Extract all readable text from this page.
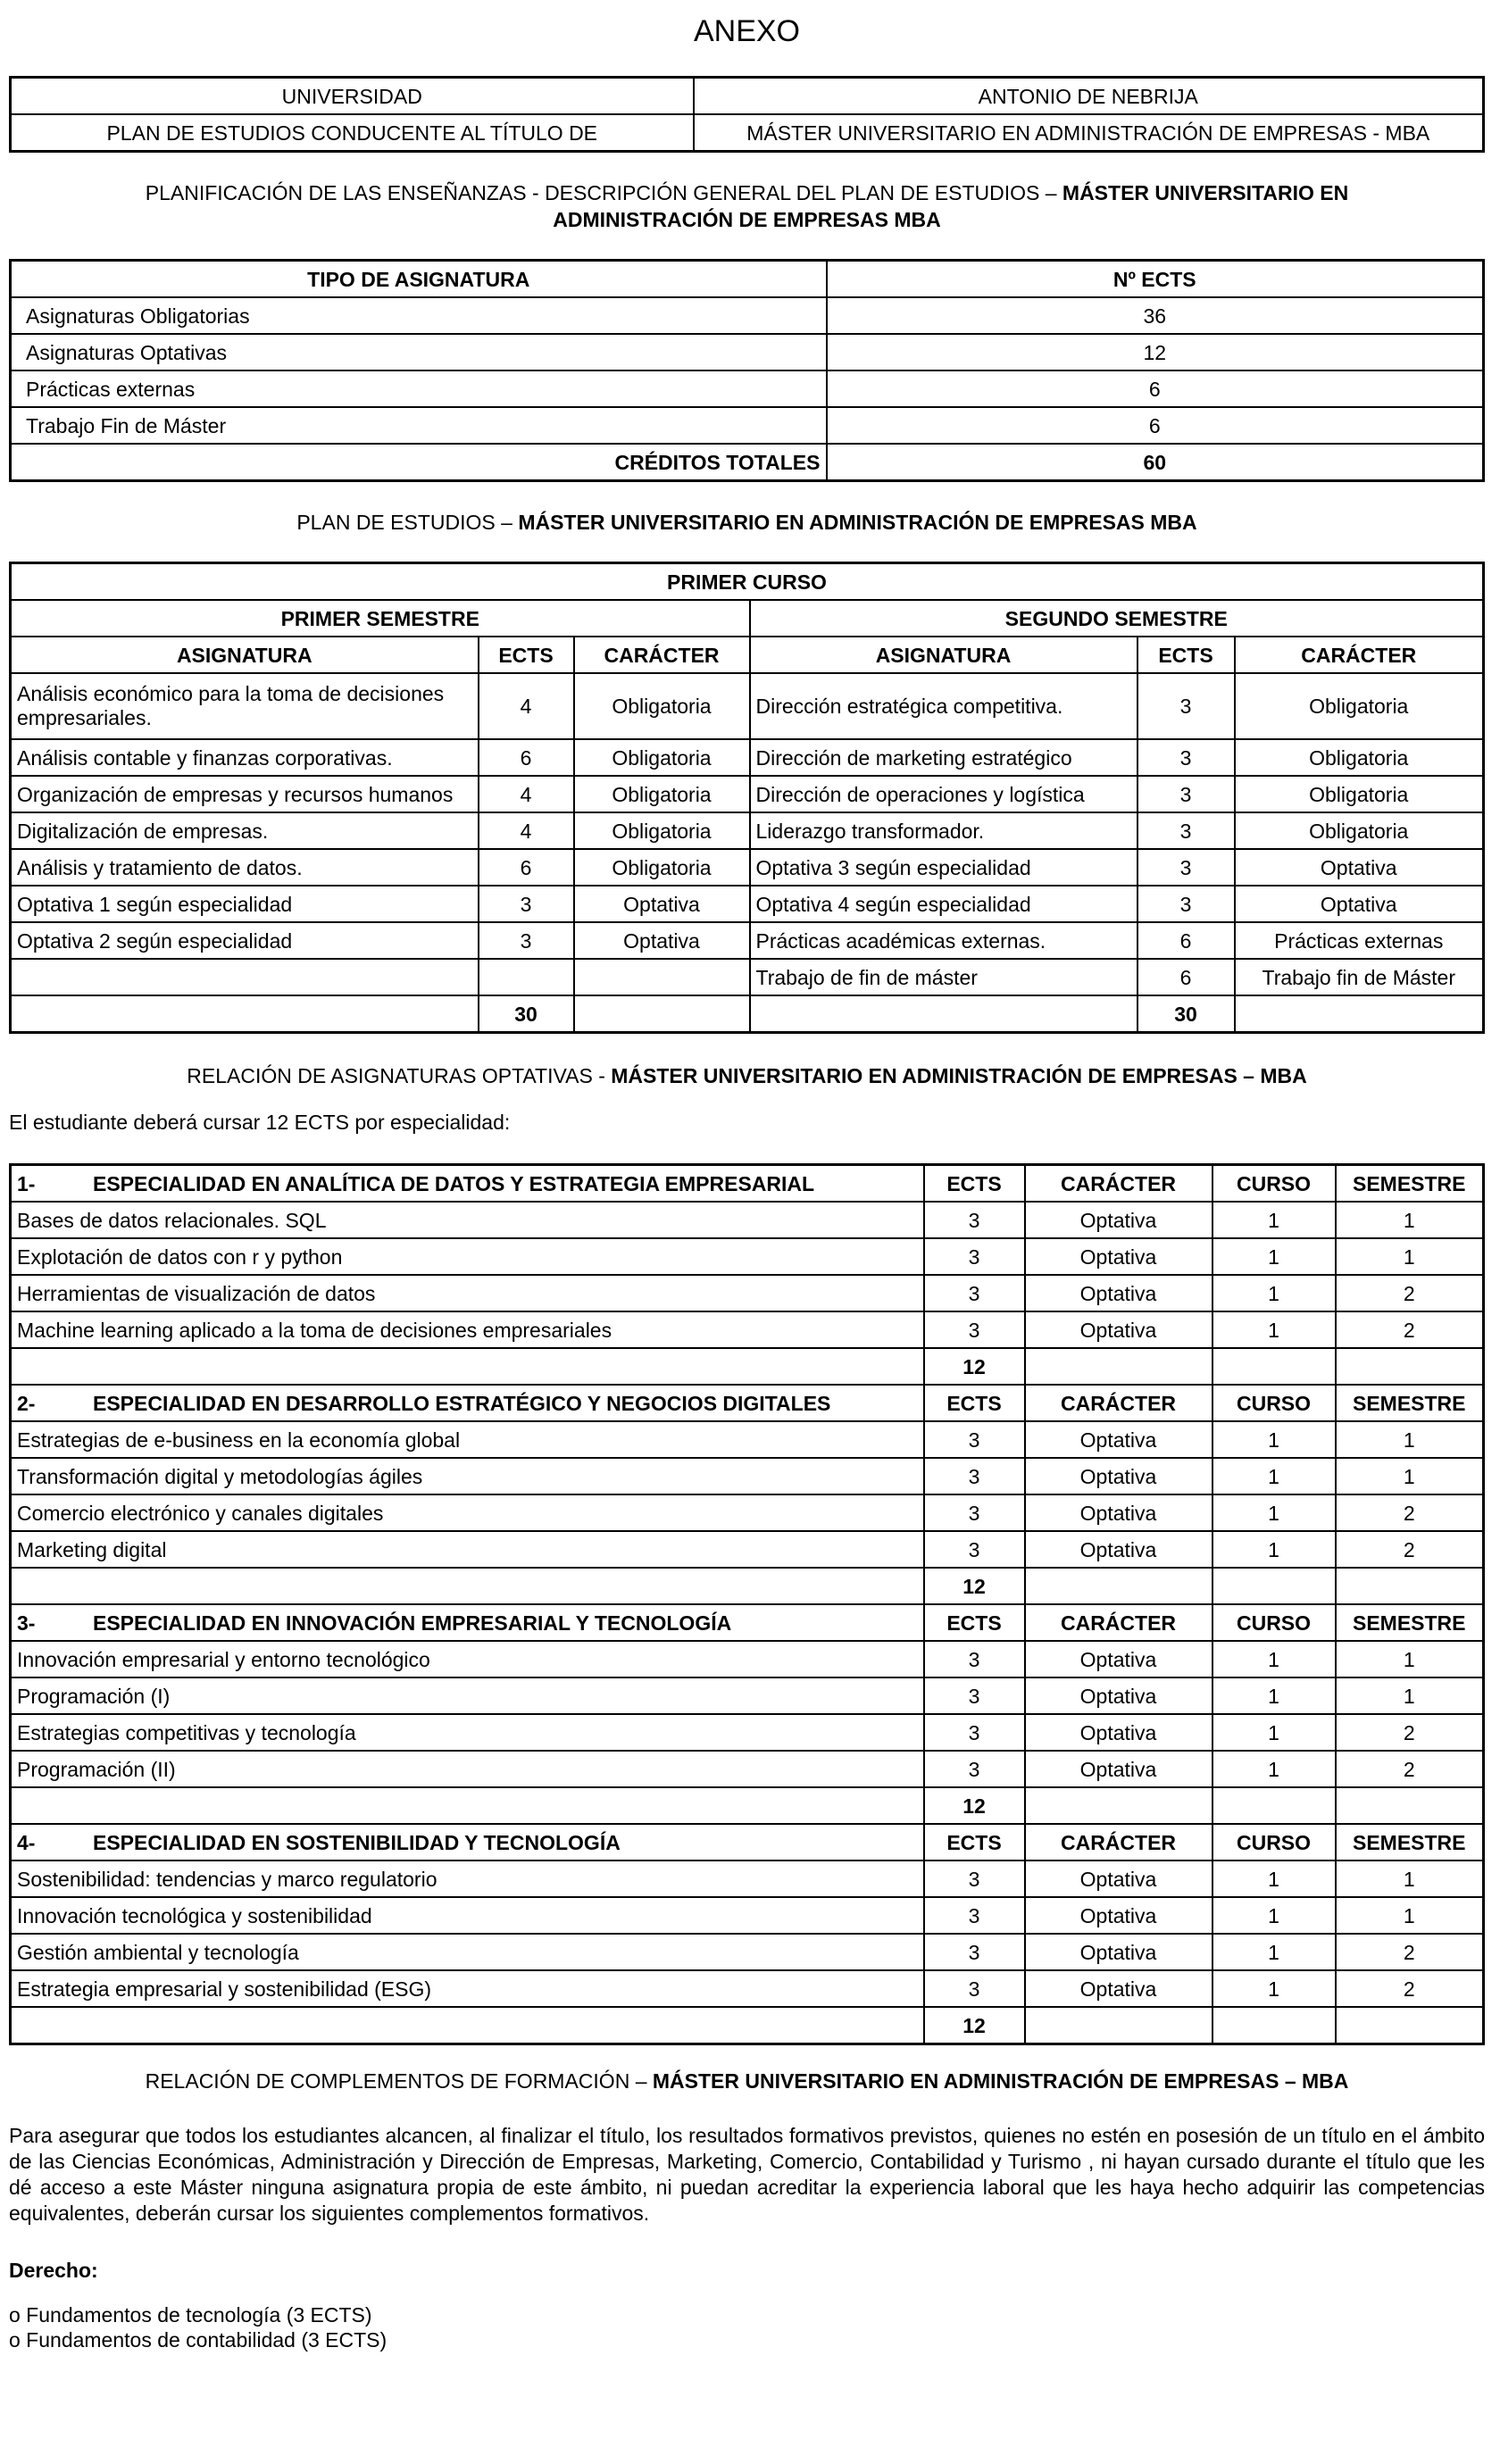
ANEXO
UNIVERSIDAD	ANTONIO DE NEBRIJA
PLAN DE ESTUDIOS CONDUCENTE AL TÍTULO DE	MÁSTER UNIVERSITARIO EN ADMINISTRACIÓN DE EMPRESAS - MBA
PLANIFICACIÓN DE LAS ENSEÑANZAS - DESCRIPCIÓN GENERAL DEL PLAN DE ESTUDIOS – MÁSTER UNIVERSITARIO EN ADMINISTRACIÓN DE EMPRESAS MBA
TIPO DE ASIGNATURA	Nº ECTS
Asignaturas Obligatorias	36
Asignaturas Optativas	12
Prácticas externas	6
Trabajo Fin de Máster	6
CRÉDITOS TOTALES	60
PLAN DE ESTUDIOS – MÁSTER UNIVERSITARIO EN ADMINISTRACIÓN DE EMPRESAS MBA
PRIMER CURSO					
PRIMER SEMESTRE			SEGUNDO SEMESTRE		
ASIGNATURA	ECTS	CARÁCTER	ASIGNATURA	ECTS	CARÁCTER
Análisis económico para la toma de decisiones empresariales.	4	Obligatoria	Dirección estratégica competitiva.	3	Obligatoria
Análisis contable y finanzas corporativas.	6	Obligatoria	Dirección de marketing estratégico	3	Obligatoria
Organización de empresas y recursos humanos	4	Obligatoria	Dirección de operaciones y logística	3	Obligatoria
Digitalización de empresas.	4	Obligatoria	Liderazgo transformador.	3	Obligatoria
Análisis y tratamiento de datos.	6	Obligatoria	Optativa 3 según especialidad	3	Optativa
Optativa 1 según especialidad	3	Optativa	Optativa 4 según especialidad	3	Optativa
Optativa 2 según especialidad	3	Optativa	Prácticas académicas externas.	6	Prácticas externas
			Trabajo de fin de máster	6	Trabajo fin de Máster
	30			30	
RELACIÓN DE ASIGNATURAS OPTATIVAS - MÁSTER UNIVERSITARIO EN ADMINISTRACIÓN DE EMPRESAS – MBA
El estudiante deberá cursar 12 ECTS por especialidad:
1- ESPECIALIDAD EN ANALÍTICA DE DATOS Y ESTRATEGIA EMPRESARIAL	ECTS	CARÁCTER	CURSO	SEMESTRE
Bases de datos relacionales. SQL	3	Optativa	1	1
Explotación de datos con r y python	3	Optativa	1	1
Herramientas de visualización de datos	3	Optativa	1	2
Machine learning aplicado a la toma de decisiones empresariales	3	Optativa	1	2
	12			
2- ESPECIALIDAD EN DESARROLLO ESTRATÉGICO Y NEGOCIOS DIGITALES	ECTS	CARÁCTER	CURSO	SEMESTRE
Estrategias de e-business en la economía global	3	Optativa	1	1
Transformación digital y metodologías ágiles	3	Optativa	1	1
Comercio electrónico y canales digitales	3	Optativa	1	2
Marketing digital	3	Optativa	1	2
	12			
3- ESPECIALIDAD EN INNOVACIÓN EMPRESARIAL Y TECNOLOGÍA	ECTS	CARÁCTER	CURSO	SEMESTRE
Innovación empresarial y entorno tecnológico	3	Optativa	1	1
Programación (I)	3	Optativa	1	1
Estrategias competitivas y tecnología	3	Optativa	1	2
Programación (II)	3	Optativa	1	2
	12			
4- ESPECIALIDAD EN SOSTENIBILIDAD Y TECNOLOGÍA	ECTS	CARÁCTER	CURSO	SEMESTRE
Sostenibilidad: tendencias y marco regulatorio	3	Optativa	1	1
Innovación tecnológica y sostenibilidad	3	Optativa	1	1
Gestión ambiental y tecnología	3	Optativa	1	2
Estrategia empresarial y sostenibilidad (ESG)	3	Optativa	1	2
	12			
RELACIÓN DE COMPLEMENTOS DE FORMACIÓN – MÁSTER UNIVERSITARIO EN ADMINISTRACIÓN DE EMPRESAS – MBA
Para asegurar que todos los estudiantes alcancen, al finalizar el título, los resultados formativos previstos, quienes no estén en posesión de un título en el ámbito de las Ciencias Económicas, Administración y Dirección de Empresas, Marketing, Comercio, Contabilidad y Turismo , ni hayan cursado durante el título que les dé acceso a este Máster ninguna asignatura propia de este ámbito, ni puedan acreditar la experiencia laboral que les haya hecho adquirir las competencias equivalentes, deberán cursar los siguientes complementos formativos.
Derecho:
o Fundamentos de tecnología (3 ECTS)
o Fundamentos de contabilidad (3 ECTS)
